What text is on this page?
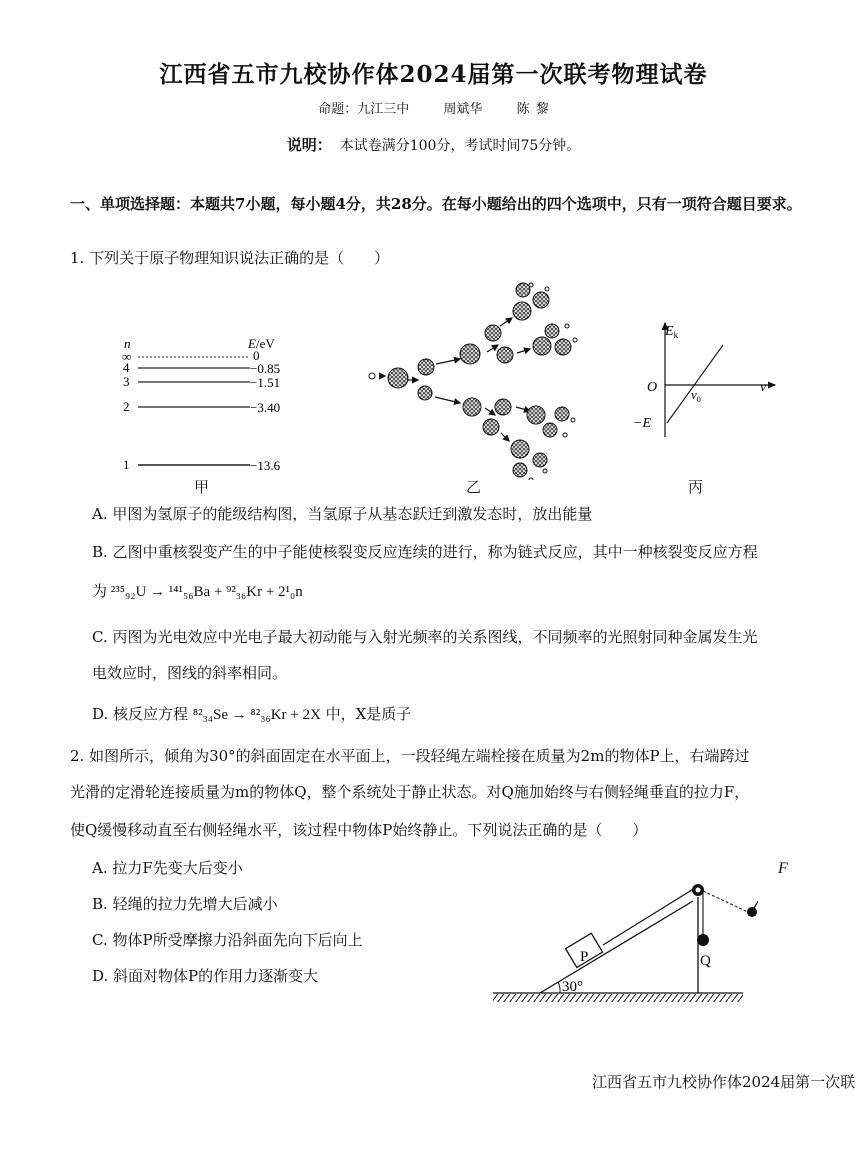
江西省五市九校协作体2024届第一次联考物理试卷
命题：九江三中	周斌华	陈 黎
说明： 本试卷满分100分，考试时间75分钟。
一、单项选择题：本题共7小题，每小题4分，共28分。在每小题给出的四个选项中，只有一项符合题目要求。
1. 下列关于原子物理知识说法正确的是（　　）
n	E/eV
∞	0
4	−0.85
3	−1.51
2	−3.40
1	−13.6
甲	乙
$E_k$
O	ν
$\nu_0$
−E
丙
A. 甲图为氢原子的能级结构图，当氢原子从基态跃迁到激发态时，放出能量
B. 乙图中重核裂变产生的中子能使核裂变反应连续的进行，称为链式反应，其中一种核裂变反应方程
为 ²³⁵₉₂U → ¹⁴¹₅₆Ba + ⁹²₃₆Kr + 2¹₀n
C. 丙图为光电效应中光电子最大初动能与入射光频率的关系图线，不同频率的光照射同种金属发生光
电效应时，图线的斜率相同。
D. 核反应方程 ⁸²₃₄Se → ⁸²₃₆Kr + 2X 中，X是质子
2. 如图所示，倾角为30°的斜面固定在水平面上，一段轻绳左端栓接在质量为2m的物体P上，右端跨过
光滑的定滑轮连接质量为m的物体Q，整个系统处于静止状态。对Q施加始终与右侧轻绳垂直的拉力F，
使Q缓慢移动直至右侧轻绳水平，该过程中物体P始终静止。下列说法正确的是（　　）
A. 拉力F先变大后变小
B. 轻绳的拉力先增大后减小
C. 物体P所受摩擦力沿斜面先向下后向上
D. 斜面对物体P的作用力逐渐变大
P
30°
Q
F
江西省五市九校协作体2024届第一次联
